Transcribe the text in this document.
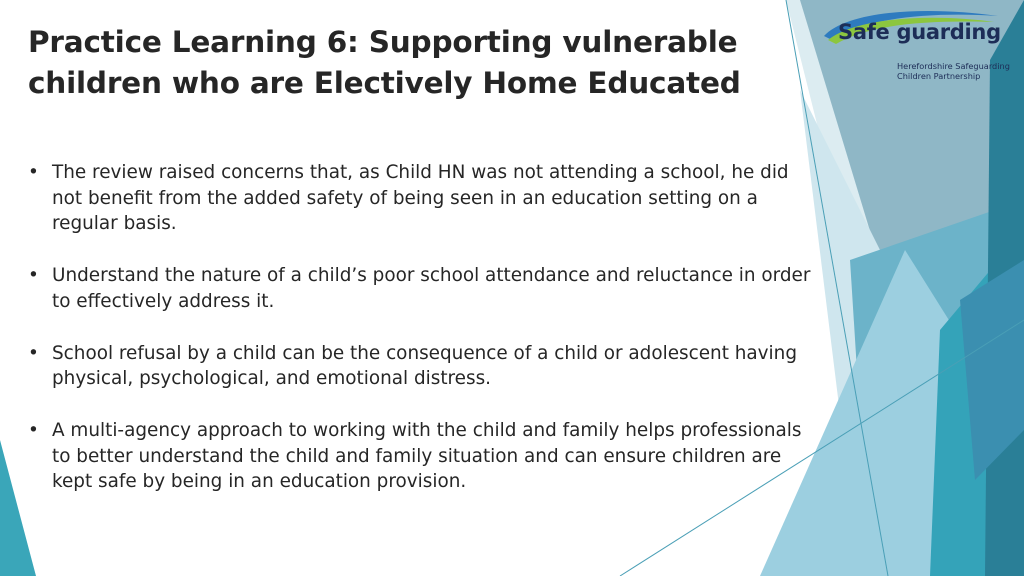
Practice Learning 6: Supporting vulnerable
children who are Electively Home Educated
• The review raised concerns that, as Child HN was not attending a school, he did not benefit from the added safety of being seen in an education setting on a regular basis.
• Understand the nature of a child’s poor school attendance and reluctance in order to effectively address it.
• School refusal by a child can be the consequence of a child or adolescent having physical, psychological, and emotional distress.
• A multi-agency approach to working with the child and family helps professionals to better understand the child and family situation and can ensure children are kept safe by being in an education provision.
Safe guarding
Herefordshire Safeguarding
Children Partnership
